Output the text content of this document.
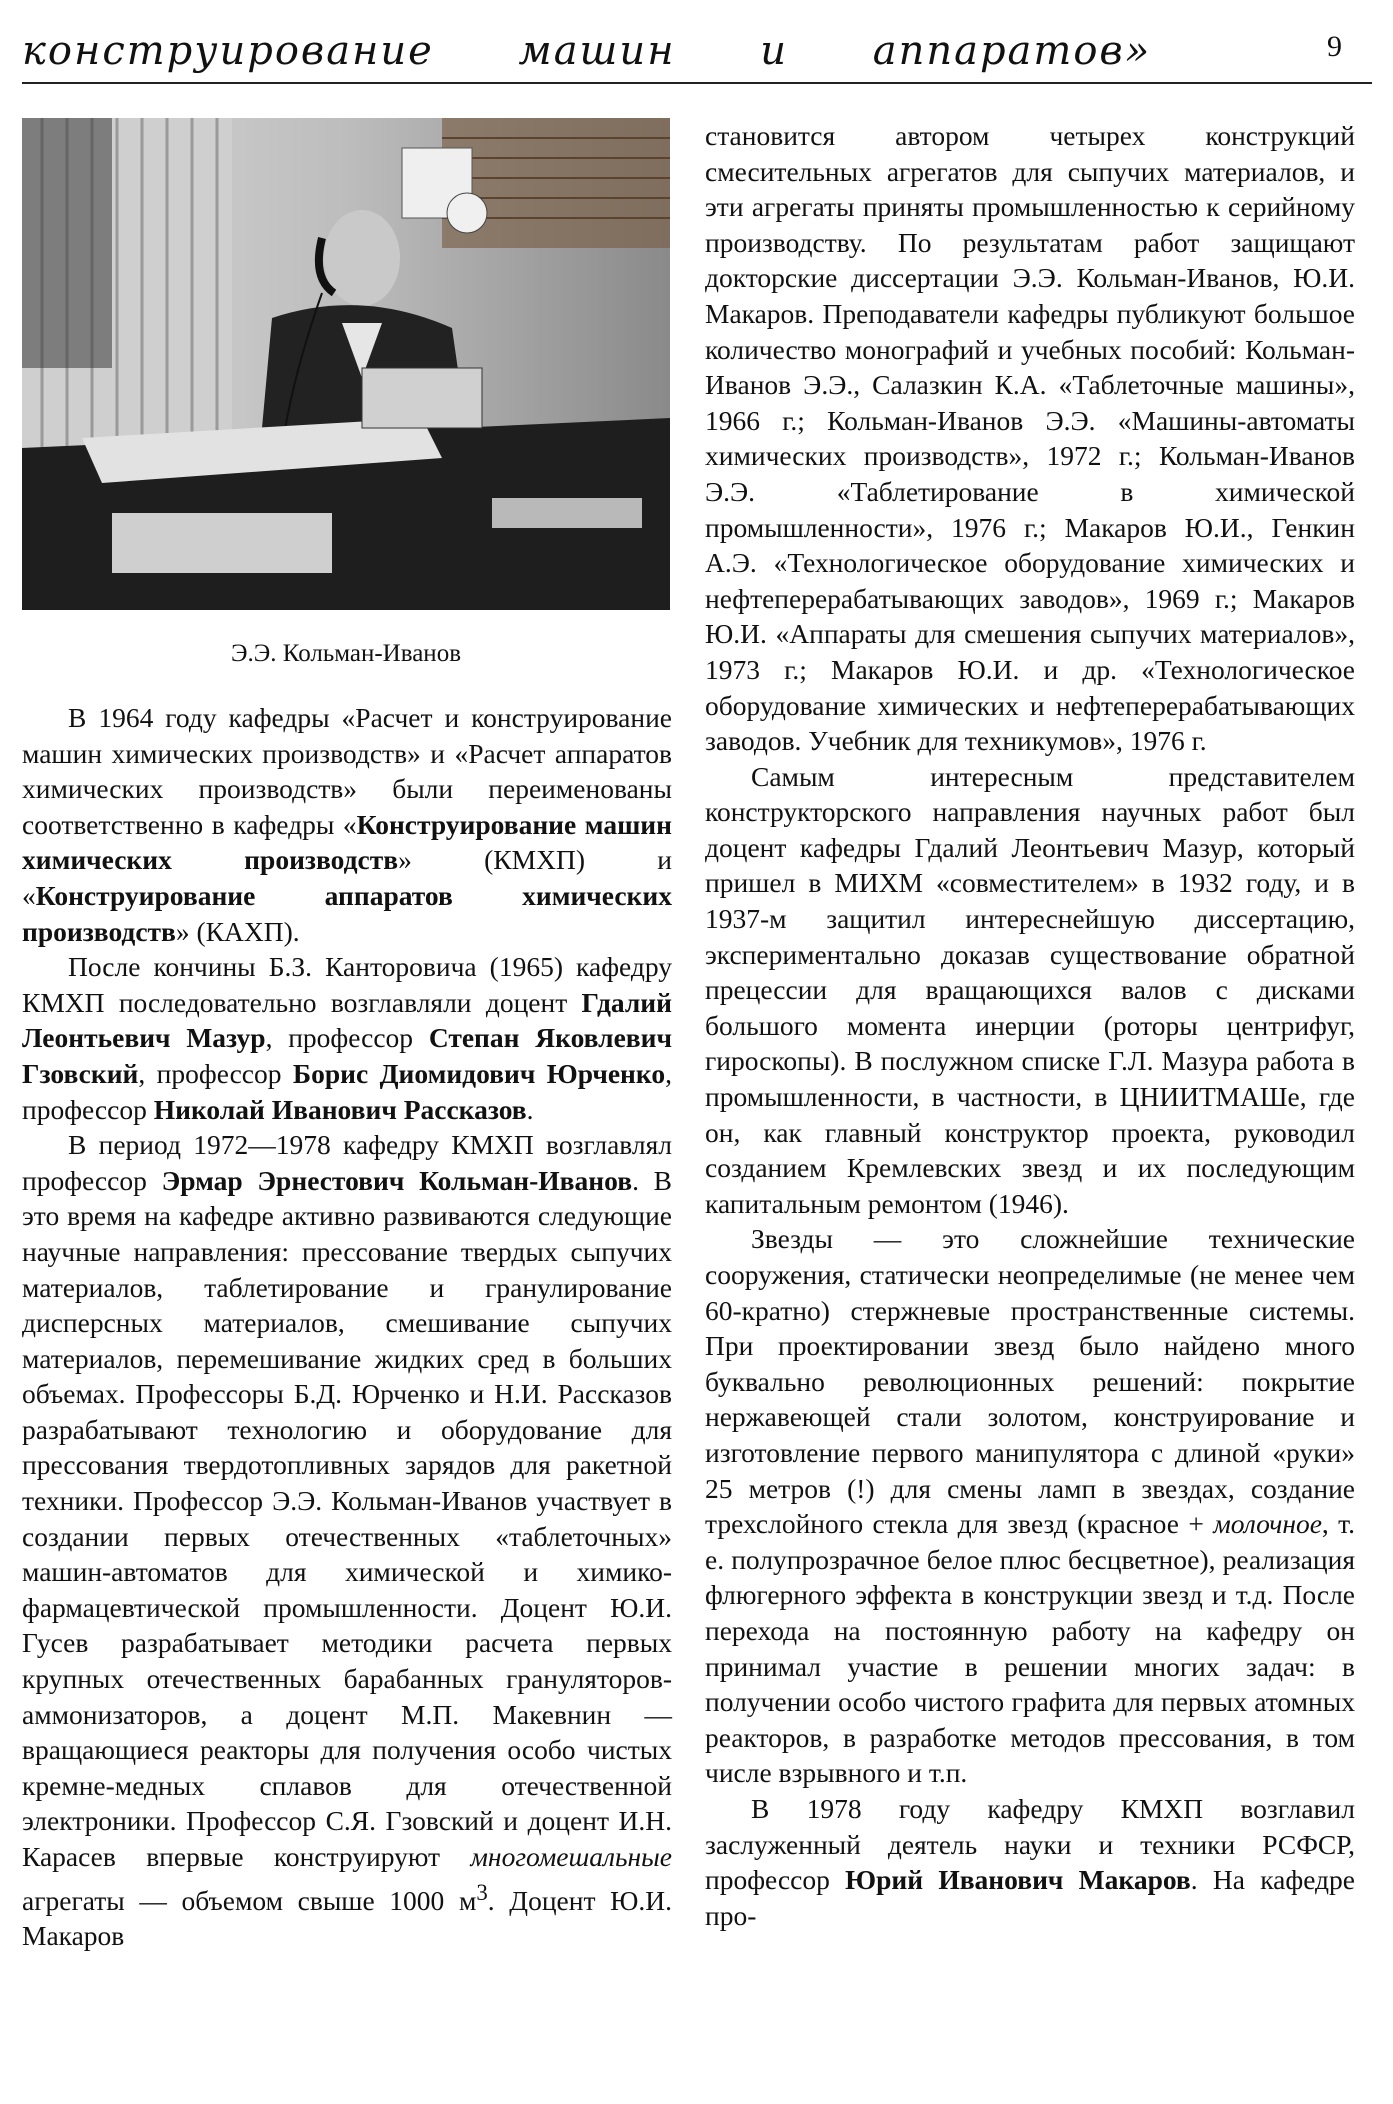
конструирование машин и аппаратов»	9
Э.Э. Кольман-Иванов

В 1964 году кафедры «Расчет и конструирование машин химических производств» и «Расчет аппаратов химических производств» были переименованы соответственно в кафедры «Конструирование машин химических производств» (КМХП) и «Конструирование аппаратов химических производств» (КАХП).

После кончины Б.З. Канторовича (1965) кафедру КМХП последовательно возглавляли доцент Гдалий Леонтьевич Мазур, профессор Степан Яковлевич Гзовский, профессор Борис Диомидович Юрченко, профессор Николай Иванович Рассказов.

В период 1972—1978 кафедру КМХП возглавлял профессор Эрмар Эрнестович Кольман-Иванов. В это время на кафедре активно развиваются следующие научные направления: прессование твердых сыпучих материалов, таблетирование и гранулирование дисперсных материалов, смешивание сыпучих материалов, перемешивание жидких сред в больших объемах. Профессоры Б.Д. Юрченко и Н.И. Рассказов разрабатывают технологию и оборудование для прессования твердотопливных зарядов для ракетной техники. Профессор Э.Э. Кольман-Иванов участвует в создании первых отечественных «таблеточных» машин-автоматов для химической и химико-фармацевтической промышленности. Доцент Ю.И. Гусев разрабатывает методики расчета первых крупных отечественных барабанных грануляторов-аммонизаторов, а доцент М.П. Макевнин — вращающиеся реакторы для получения особо чистых кремне-медных сплавов для отечественной электроники. Профессор С.Я. Гзовский и доцент И.Н. Карасев впервые конструируют многомешальные агрегаты — объемом свыше 1000 $м^3$. Доцент Ю.И. Макаров

становится автором четырех конструкций смесительных агрегатов для сыпучих материалов, и эти агрегаты приняты промышленностью к серийному производству. По результатам работ защищают докторские диссертации Э.Э. Кольман-Иванов, Ю.И. Макаров. Преподаватели кафедры публикуют большое количество монографий и учебных пособий: Кольман-Иванов Э.Э., Салазкин К.А. «Таблеточные машины», 1966 г.; Кольман-Иванов Э.Э. «Машины-автоматы химических производств», 1972 г.; Кольман-Иванов Э.Э. «Таблетирование в химической промышленности», 1976 г.; Макаров Ю.И., Генкин А.Э. «Технологическое оборудование химических и нефтеперерабатывающих заводов», 1969 г.; Макаров Ю.И. «Аппараты для смешения сыпучих материалов», 1973 г.; Макаров Ю.И. и др. «Технологическое оборудование химических и нефтеперерабатывающих заводов. Учебник для техникумов», 1976 г.

Самым интересным представителем конструкторского направления научных работ был доцент кафедры Гдалий Леонтьевич Мазур, который пришел в МИХМ «совместителем» в 1932 году, и в 1937-м защитил интереснейшую диссертацию, экспериментально доказав существование обратной прецессии для вращающихся валов с дисками большого момента инерции (роторы центрифуг, гироскопы). В послужном списке Г.Л. Мазура работа в промышленности, в частности, в ЦНИИТМАШе, где он, как главный конструктор проекта, руководил созданием Кремлевских звезд и их последующим капитальным ремонтом (1946).

Звезды — это сложнейшие технические сооружения, статически неопределимые (не менее чем 60-кратно) стержневые пространственные системы. При проектировании звезд было найдено много буквально революционных решений: покрытие нержавеющей стали золотом, конструирование и изготовление первого манипулятора с длиной «руки» 25 метров (!) для смены ламп в звездах, создание трехслойного стекла для звезд (красное + молочное, т. е. полупрозрачное белое плюс бесцветное), реализация флюгерного эффекта в конструкции звезд и т.д. После перехода на постоянную работу на кафедру он принимал участие в решении многих задач: в получении особо чистого графита для первых атомных реакторов, в разработке методов прессования, в том числе взрывного и т.п.

В 1978 году кафедру КМХП возглавил заслуженный деятель науки и техники РСФСР, профессор Юрий Иванович Макаров. На кафедре про-
